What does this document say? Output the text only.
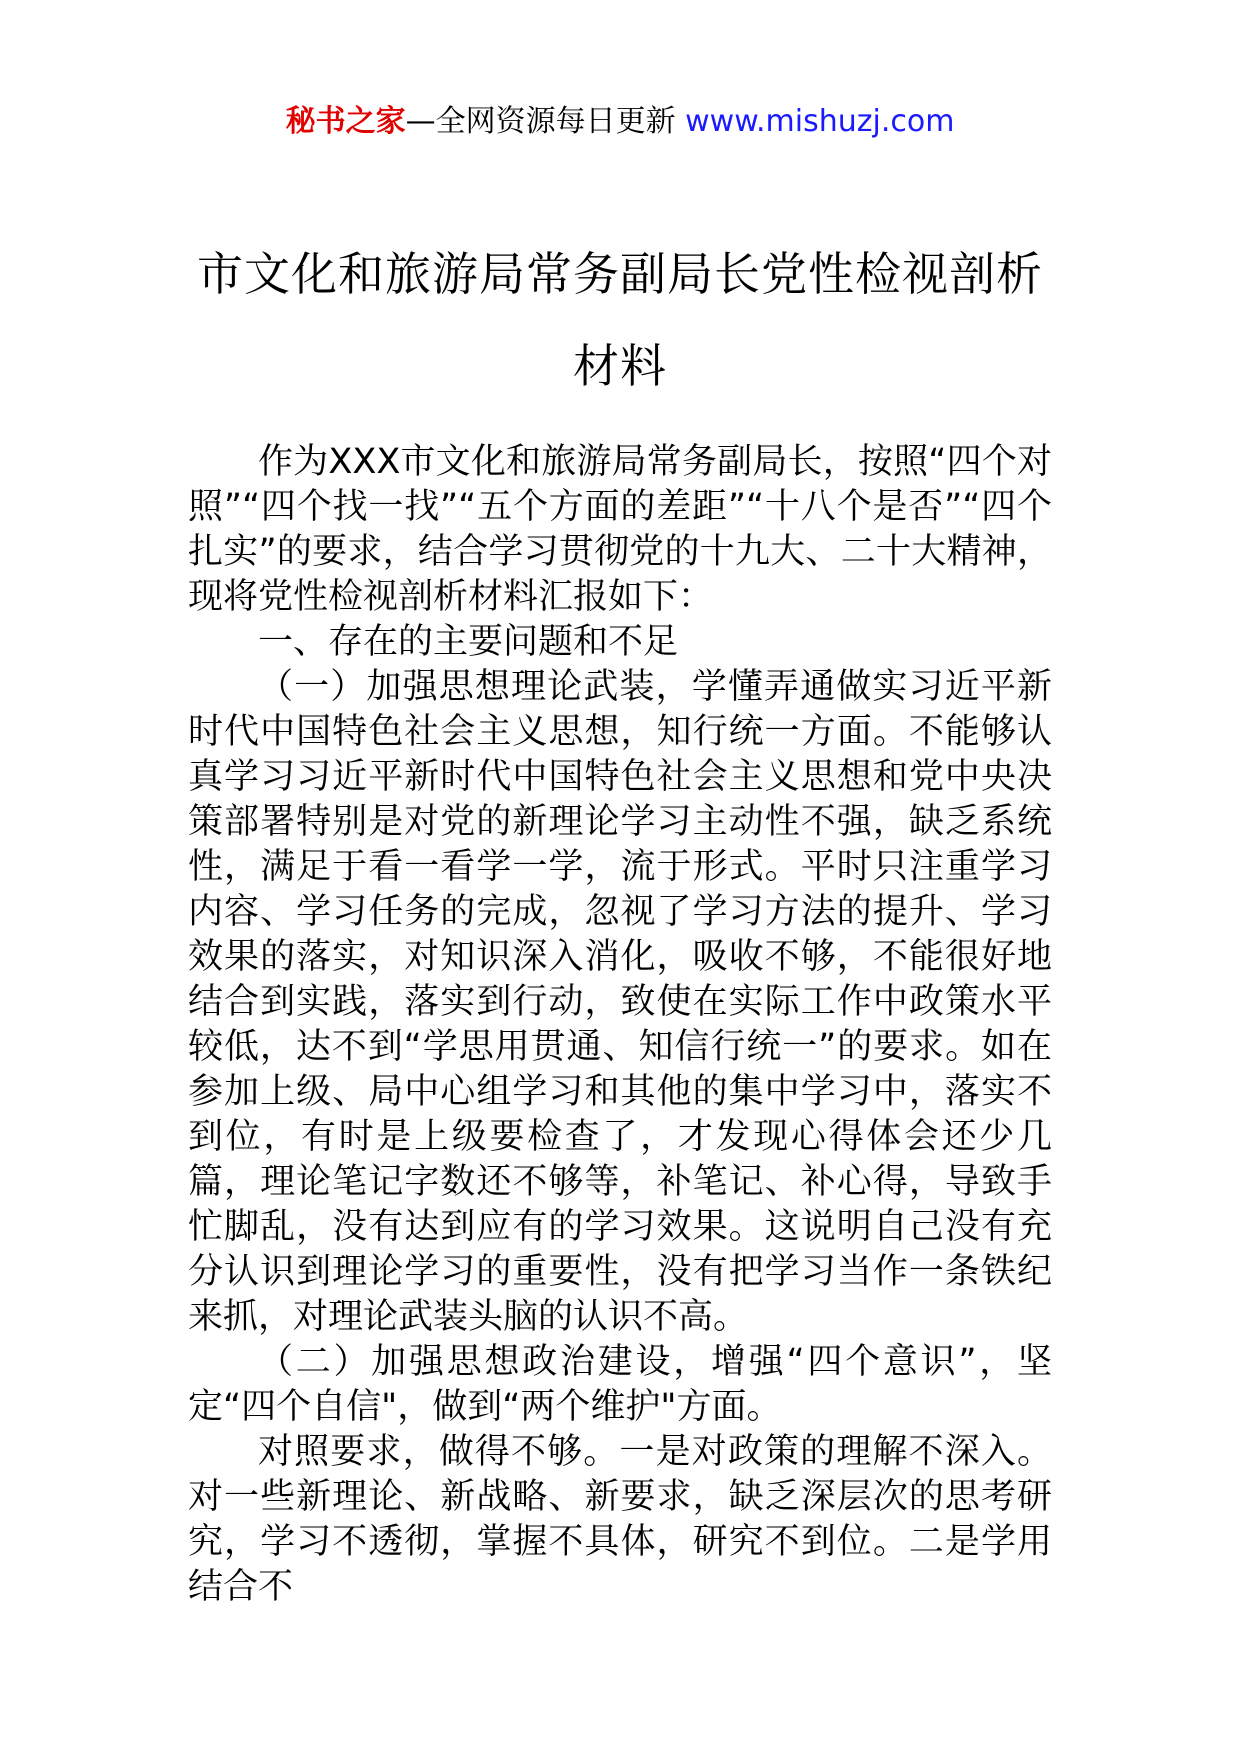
秘书之家—全网资源每日更新 www.mishuzj.com
市文化和旅游局常务副局长党性检视剖析材料

作为XXX市文化和旅游局常务副局长，按照“四个对照”“四个找一找”“五个方面的差距”“十八个是否”“四个扎实”的要求，结合学习贯彻党的十九大、二十大精神，现将党性检视剖析材料汇报如下：

一、存在的主要问题和不足

（一）加强思想理论武装，学懂弄通做实习近平新时代中国特色社会主义思想，知行统一方面。不能够认真学习习近平新时代中国特色社会主义思想和党中央决策部署特别是对党的新理论学习主动性不强，缺乏系统性，满足于看一看学一学，流于形式。平时只注重学习内容、学习任务的完成，忽视了学习方法的提升、学习效果的落实，对知识深入消化，吸收不够，不能很好地结合到实践，落实到行动，致使在实际工作中政策水平较低，达不到“学思用贯通、知信行统一”的要求。如在参加上级、局中心组学习和其他的集中学习中，落实不到位，有时是上级要检查了，才发现心得体会还少几篇，理论笔记字数还不够等，补笔记、补心得，导致手忙脚乱，没有达到应有的学习效果。这说明自己没有充分认识到理论学习的重要性，没有把学习当作一条铁纪来抓，对理论武装头脑的认识不高。

（二）加强思想政治建设，增强“四个意识”，坚定“四个自信"，做到“两个维护"方面。

对照要求，做得不够。一是对政策的理解不深入。对一些新理论、新战略、新要求，缺乏深层次的思考研究，学习不透彻，掌握不具体，研究不到位。二是学用结合不
